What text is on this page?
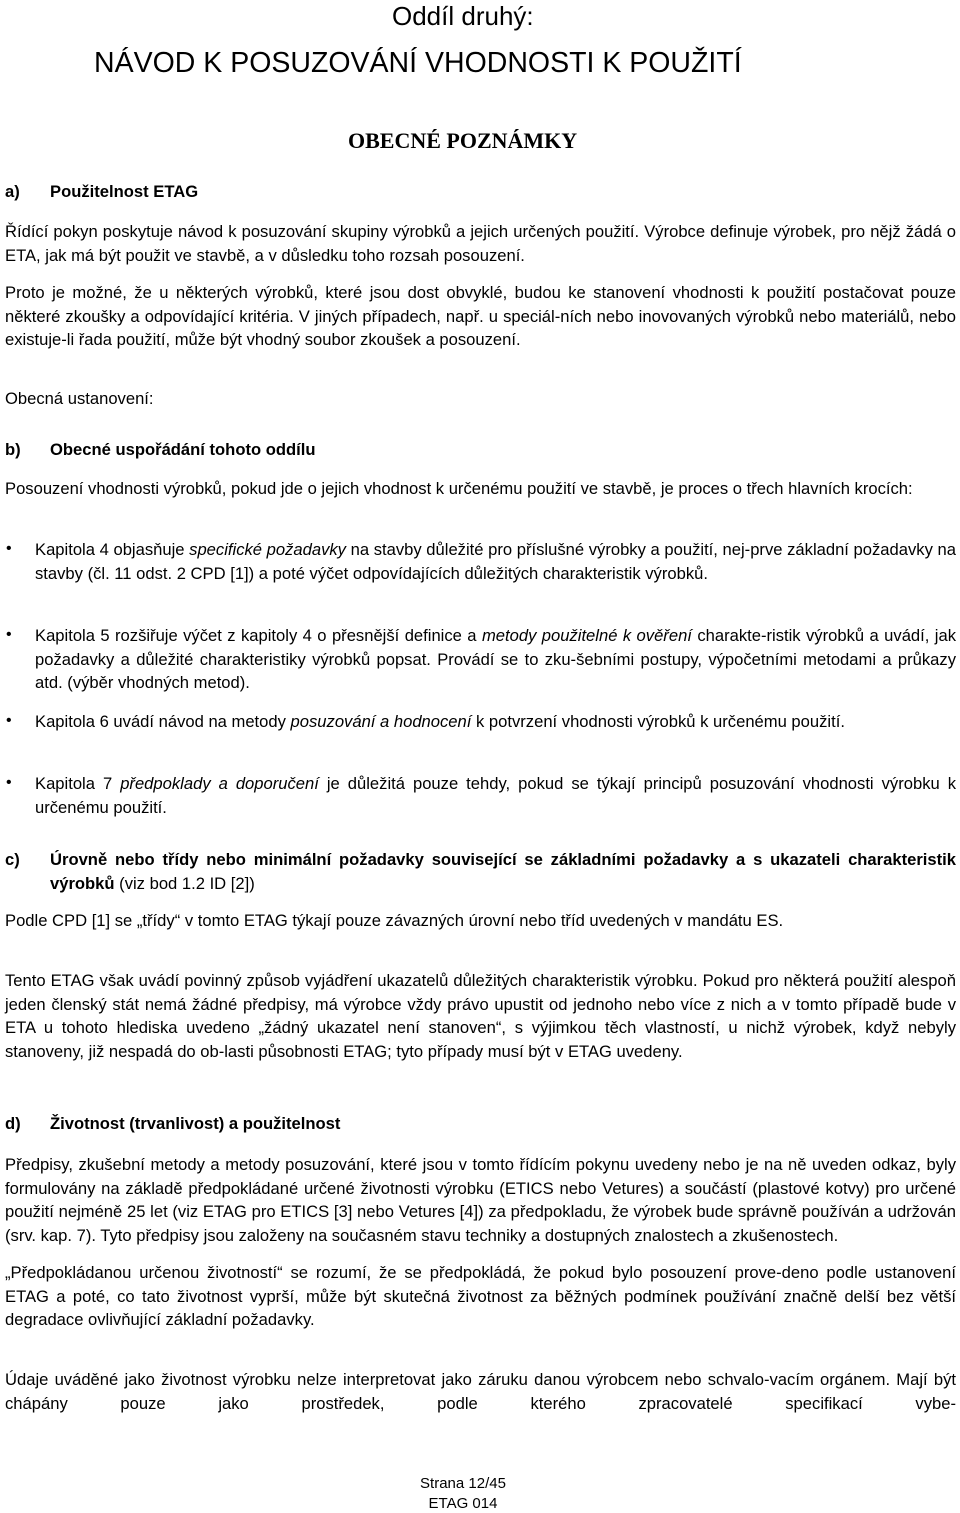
Oddíl druhý:
NÁVOD K POSUZOVÁNÍ VHODNOSTI K POUŽITÍ
OBECNÉ POZNÁMKY
a) Použitelnost ETAG

Řídící pokyn poskytuje návod k posuzování skupiny výrobků a jejich určených použití. Výrobce definuje výrobek, pro nějž žádá o ETA, jak má být použit ve stavbě, a v důsledku toho rozsah posouzení.

Proto je možné, že u některých výrobků, které jsou dost obvyklé, budou ke stanovení vhodnosti k použití postačovat pouze některé zkoušky a odpovídající kritéria. V jiných případech, např. u speciál-ních nebo inovovaných výrobků nebo materiálů, nebo existuje-li řada použití, může být vhodný soubor zkoušek a posouzení.

Obecná ustanovení:

b) Obecné uspořádání tohoto oddílu

Posouzení vhodnosti výrobků, pokud jde o jejich vhodnost k určenému použití ve stavbě, je proces o třech hlavních krocích:

• Kapitola 4 objasňuje specifické požadavky na stavby důležité pro příslušné výrobky a použití, nej-prve základní požadavky na stavby (čl. 11 odst. 2 CPD [1]) a poté výčet odpovídajících důležitých charakteristik výrobků.

• Kapitola 5 rozšiřuje výčet z kapitoly 4 o přesnější definice a metody použitelné k ověření charakte-ristik výrobků a uvádí, jak požadavky a důležité charakteristiky výrobků popsat. Provádí se to zku-šebními postupy, výpočetními metodami a průkazy atd. (výběr vhodných metod).

• Kapitola 6 uvádí návod na metody posuzování a hodnocení k potvrzení vhodnosti výrobků k určenému použití.

• Kapitola 7 předpoklady a doporučení je důležitá pouze tehdy, pokud se týkají principů posuzování vhodnosti výrobku k určenému použití.

c) Úrovně nebo třídy nebo minimální požadavky související se základními požadavky a s ukazateli charakteristik výrobků (viz bod 1.2 ID [2])

Podle CPD [1] se „třídy“ v tomto ETAG týkají pouze závazných úrovní nebo tříd uvedených v mandátu ES.

Tento ETAG však uvádí povinný způsob vyjádření ukazatelů důležitých charakteristik výrobku. Pokud pro některá použití alespoň jeden členský stát nemá žádné předpisy, má výrobce vždy právo upustit od jednoho nebo více z nich a v tomto případě bude v ETA u tohoto hlediska uvedeno „žádný ukazatel není stanoven“, s výjimkou těch vlastností, u nichž výrobek, když nebyly stanoveny, již nespadá do ob-lasti působnosti ETAG; tyto případy musí být v ETAG uvedeny.

d) Životnost (trvanlivost) a použitelnost

Předpisy, zkušební metody a metody posuzování, které jsou v tomto řídícím pokynu uvedeny nebo je na ně uveden odkaz, byly formulovány na základě předpokládané určené životnosti výrobku (ETICS nebo Vetures) a součástí (plastové kotvy) pro určené použití nejméně 25 let (viz ETAG pro ETICS [3] nebo Vetures [4]) za předpokladu, že výrobek bude správně používán a udržován (srv. kap. 7). Tyto předpisy jsou založeny na současném stavu techniky a dostupných znalostech a zkušenostech.

„Předpokládanou určenou životností“ se rozumí, že se předpokládá, že pokud bylo posouzení prove-deno podle ustanovení ETAG a poté, co tato životnost vyprší, může být skutečná životnost za běžných podmínek používání značně delší bez větší degradace ovlivňující základní požadavky.

Údaje uváděné jako životnost výrobku nelze interpretovat jako záruku danou výrobcem nebo schvalo-vacím orgánem. Mají být chápány pouze jako prostředek, podle kterého zpracovatelé specifikací vybe-

Strana 12/45
ETAG 014
